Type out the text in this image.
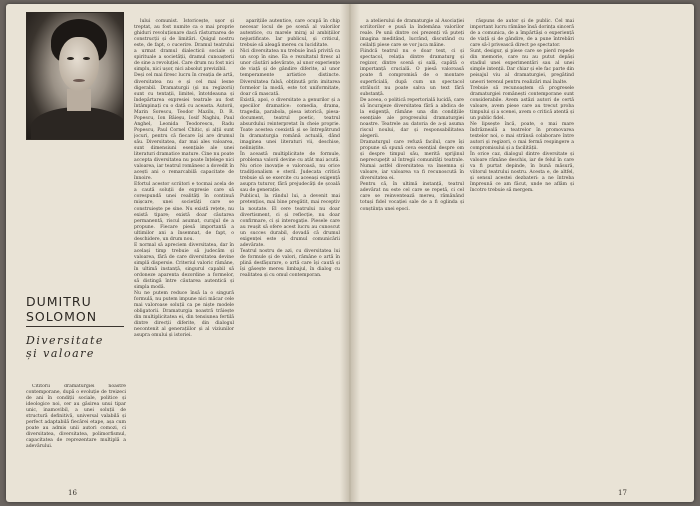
DUMITRU
SOLOMON
Diversitate
și valoare

Cititorii dramaturgiei noastre contemporane, după o evoluție de treizeci de ani în condiții sociale, politice și ideologice noi, cer au găsirea unui tipar unic, inamovibil, a unei soluții de structură definitivă, universal valabilă și perfect adaptabilă fiecărei etape, așa cum poate au admis unii autori comozi, ci diversitatea, diversitatea, polimorfismul, capacitatea de reprezentare multiplă a adevărului.

lului comunist. Istoricește, ușor și treptat, au fost numite ca o mai proprie ghiduri revoluționare dacă răsturnarea de construcții și de limitări. Quigul nostru este, de fapt, o cucerire. Dramul teatrului a urmat dramul dialecticii sociale și spirituale a societății, dramul cunoașterii de sine a revoluției. Care drum nu fost nici simplu, nici ușor, nici absolut previzibil.
Deși cel mai firesc lucru în creația de artă, diversitatea nu e și cel mai lesne digerabil. Dramaturgii (și nu regizorii) sunt cu tentații, limitei, întotdeauna și îndepărtarea expresiei teatrale au fost întâmpinați cu o dată cu aceasta. Autorii, Marin Sorescu, Teodor Mazilu, D. R. Popescu, Ion Băieșu, Iosif Naghiu, Paul Anghel, Leonida Teodorescu, Radu Popescu, Paul Cornel Chitic, și alții sunt jocuri, pentru că fiecare își are drumul său. Diversitatea, dar mai ales valoarea, sunt dimensiuni esențiale ale unei literaturi dramatice mature. Cine nu poate accepta diversitatea nu poate înțelege nici valoarea, iar teatrul românesc a dovedit în acești ani o remarcabilă capacitate de înnoire.
Efortul acestor scriitori e tocmai acela de a caută soluții de expresie care să corespundă unei realități în continuă mișcare, unei societăți care se construiește pe sine. Nu există rețete, nu există tipare; există doar căutarea permanentă, riscul asumat, curajul de a propune. Fiecare piesă importantă a ultimilor ani a însemnat, de fapt, o deschidere, un drum nou.
E normal să apreciem diversitatea, dar în același timp trebuie să judecăm și valoarea, fără de care diversitatea devine simplă dispersie. Criteriul valoric rămâne, în ultimă instanță, singurul capabil să ordoneze aparenta dezordine a formelor, să distingă între căutarea autentică și simpla modă.
Nu ne putem reduce însă la o singură formulă, nu putem impune nici măcar cele mai valoroase soluții ca pe niște modele obligatorii. Dramaturgia noastră trăiește din multiplicitatea ei, din tensiunea fertilă dintre direcții diferite, din dialogul necontenit al generațiilor și al viziunilor asupra omului și istoriei.

aparițiile autentice, care ocupă în chip necesar locul de pe scenă al valorilor autentice, cu marele miraj al ambițiilor nejustificate. Iar publicul, și criticul, trebuie să aleagă mereu cu luciditate.
Nici diversitatea nu trebuie însă privită ca un scop în sine. Ea e rezultatul firesc al unor căutări adevărate, al unor experiențe de viață și de gândire diferite, al unor temperamente artistice distincte. Diversitatea falsă, obținută prin imitarea formelor la modă, este tot uniformitate, doar că mascată.
Există, apoi, o diversitate a genurilor și a speciilor dramatice: comedia, drama, tragedia, parabola, piesa istorică, piesa-document, teatrul poetic, teatrul absurdului reinterpretat în cheie proprie. Toate acestea coexistă și se întrepătrund în dramaturgia română actuală, dând imaginea unei literaturi vii, deschise, neliniștite.
În această multiplicitate de formule, problema valorii devine cu atât mai acută. Nu orice inovație e valoroasă, nu orice tradiționalism e steril. Judecata critică trebuie să se exercite cu aceeași exigență asupra tuturor, fără prejudecăți de școală sau de generație.
Publicul, la rândul lui, a devenit mai pretențios, mai bine pregătit, mai receptiv la noutate. El cere teatrului nu doar divertisment, ci și reflecție, nu doar confirmare, ci și interogație. Piesele care au reușit să ofere acest lucru au cunoscut un succes durabil, dovadă că drumul exigenței este și drumul comunicării adevărate.
Teatrul nostru de azi, cu diversitatea lui de formule și de valori, rămâne o artă în plină desfășurare, o artă care își caută și își găsește mereu limbajul, în dialog cu realitatea și cu omul contemporan.

16

a atelierului de dramaturgie al Asociației scriitorilor e pusă la îndemâna valorilor reale. Pe unii dintre cei prezenți vă puteți imagina meditând, lucrând, discutând cu ceilalți piese care se vor juca mâine.
Fiindcă teatrul nu e doar text, ci și spectacol, relația dintre dramaturg și regizor, dintre scenă și sală, capătă o importanță crucială. O piesă valoroasă poate fi compromisă de o montare superficială, după cum un spectacol strălucit nu poate salva un text fără substanță.
De aceea, o politică repertorială lucidă, care să încurajeze diversitatea fără a abdica de la exigență, rămâne una din condițiile esențiale ale progresului dramaturgiei noastre. Teatrele au datoria de a-și asuma riscul noului, dar și responsabilitatea alegerii.
Dramaturgul care refuză facilul, care își propune să spună ceva esențial despre om și despre timpul său, merită sprijinul neprecupețit al întregii comunități teatrale. Numai astfel diversitatea va însemna și valoare, iar valoarea va fi recunoscută în diversitatea ei.
Pentru că, în ultimă instanță, teatrul adevărat nu este cel care se repetă, ci cel care se reinventează mereu, rămânând totuși fidel vocației sale de a fi oglinda și conștiința unei epoci.

răspuns de autor și de public. Cel mai important lucru rămâne însă dorința sinceră de a comunica, de a împărtăși o experiență de viață și de gândire, de a pune întrebări care să-l privească direct pe spectator.
Sunt, desigur, și piese care se pierd repede din memorie, care nu au putut depăși stadiul unei experimentări sau al unei simple intenții. Dar chiar și ele fac parte din peisajul viu al dramaturgiei, pregătind uneori terenul pentru realizări mai înalte.
Trebuie să recunoaștem că progresele dramaturgiei românești contemporane sunt considerabile. Avem astăzi autori de certă valoare, avem piese care au trecut proba timpului și a scenei, avem o critică atentă și un public fidel.
Ne lipsește încă, poate, o mai mare îndrăzneală a teatrelor în promovarea textelor noi, o mai strânsă colaborare între autori și regizori, o mai fermă respingere a compromisului și a facilității.
În orice caz, dialogul dintre diversitate și valoare rămâne deschis, iar de felul în care va fi purtat depinde, în bună măsură, viitorul teatrului nostru. Acesta e, de altfel, și sensul acestei dezbateri: a ne întreba împreună ce am făcut, unde ne aflăm și încotro trebuie să mergem.

17
